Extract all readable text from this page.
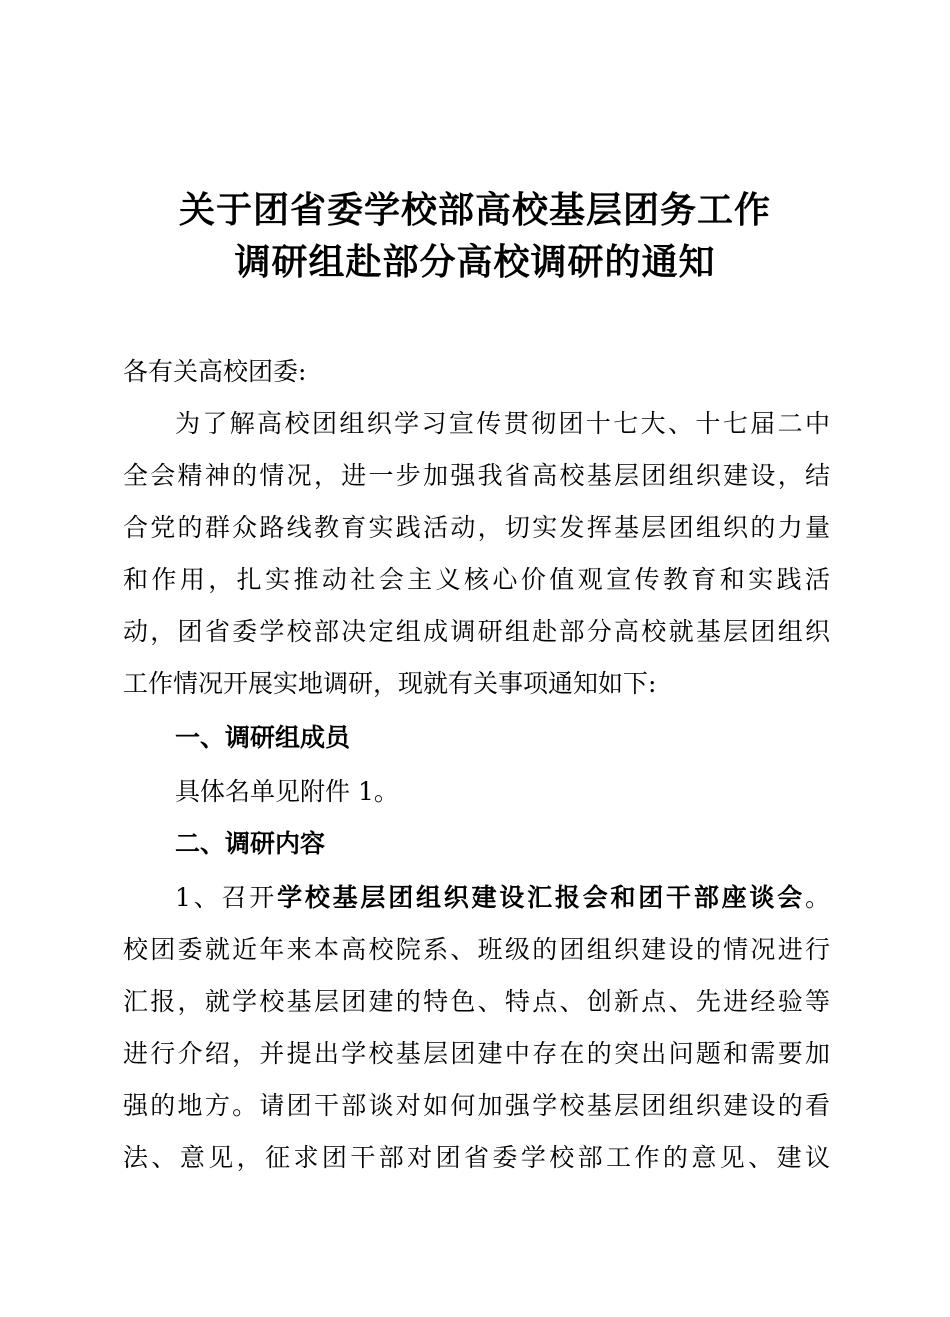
关于团省委学校部高校基层团务工作
调研组赴部分高校调研的通知
各有关高校团委:
为了解高校团组织学习宣传贯彻团十七大、十七届二中
全会精神的情况，进一步加强我省高校基层团组织建设，结
合党的群众路线教育实践活动，切实发挥基层团组织的力量
和作用，扎实推动社会主义核心价值观宣传教育和实践活
动，团省委学校部决定组成调研组赴部分高校就基层团组织
工作情况开展实地调研，现就有关事项通知如下:
一、调研组成员
具体名单见附件 1。
二、调研内容
1、召开学校基层团组织建设汇报会和团干部座谈会。
校团委就近年来本高校院系、班级的团组织建设的情况进行
汇报，就学校基层团建的特色、特点、创新点、先进经验等
进行介绍，并提出学校基层团建中存在的突出问题和需要加
强的地方。请团干部谈对如何加强学校基层团组织建设的看
法、意见，征求团干部对团省委学校部工作的意见、建议
